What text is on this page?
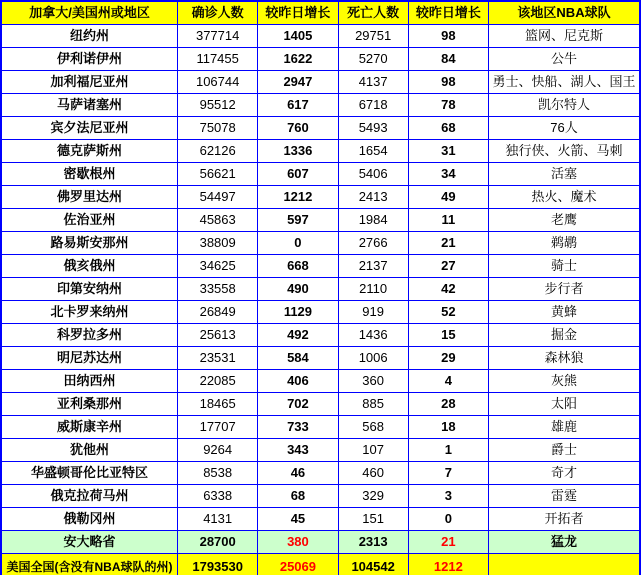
加拿大/美国州或地区	确诊人数	较昨日增长	死亡人数	较昨日增长	该地区NBA球队
纽约州	377714	1405	29751	98	篮网、尼克斯
伊利诺伊州	117455	1622	5270	84	公牛
加利福尼亚州	106744	2947	4137	98	勇士、快船、湖人、国王
马萨诸塞州	95512	617	6718	78	凯尔特人
宾夕法尼亚州	75078	760	5493	68	76人
德克萨斯州	62126	1336	1654	31	独行侠、火箭、马刺
密歇根州	56621	607	5406	34	活塞
佛罗里达州	54497	1212	2413	49	热火、魔术
佐治亚州	45863	597	1984	11	老鹰
路易斯安那州	38809	0	2766	21	鹈鹕
俄亥俄州	34625	668	2137	27	骑士
印第安纳州	33558	490	2110	42	步行者
北卡罗来纳州	26849	1129	919	52	黄蜂
科罗拉多州	25613	492	1436	15	掘金
明尼苏达州	23531	584	1006	29	森林狼
田纳西州	22085	406	360	4	灰熊
亚利桑那州	18465	702	885	28	太阳
威斯康辛州	17707	733	568	18	雄鹿
犹他州	9264	343	107	1	爵士
华盛顿哥伦比亚特区	8538	46	460	7	奇才
俄克拉荷马州	6338	68	329	3	雷霆
俄勒冈州	4131	45	151	0	开拓者
安大略省	28700	380	2313	21	猛龙
美国全国(含没有NBA球队的州)	1793530	25069	104542	1212	
